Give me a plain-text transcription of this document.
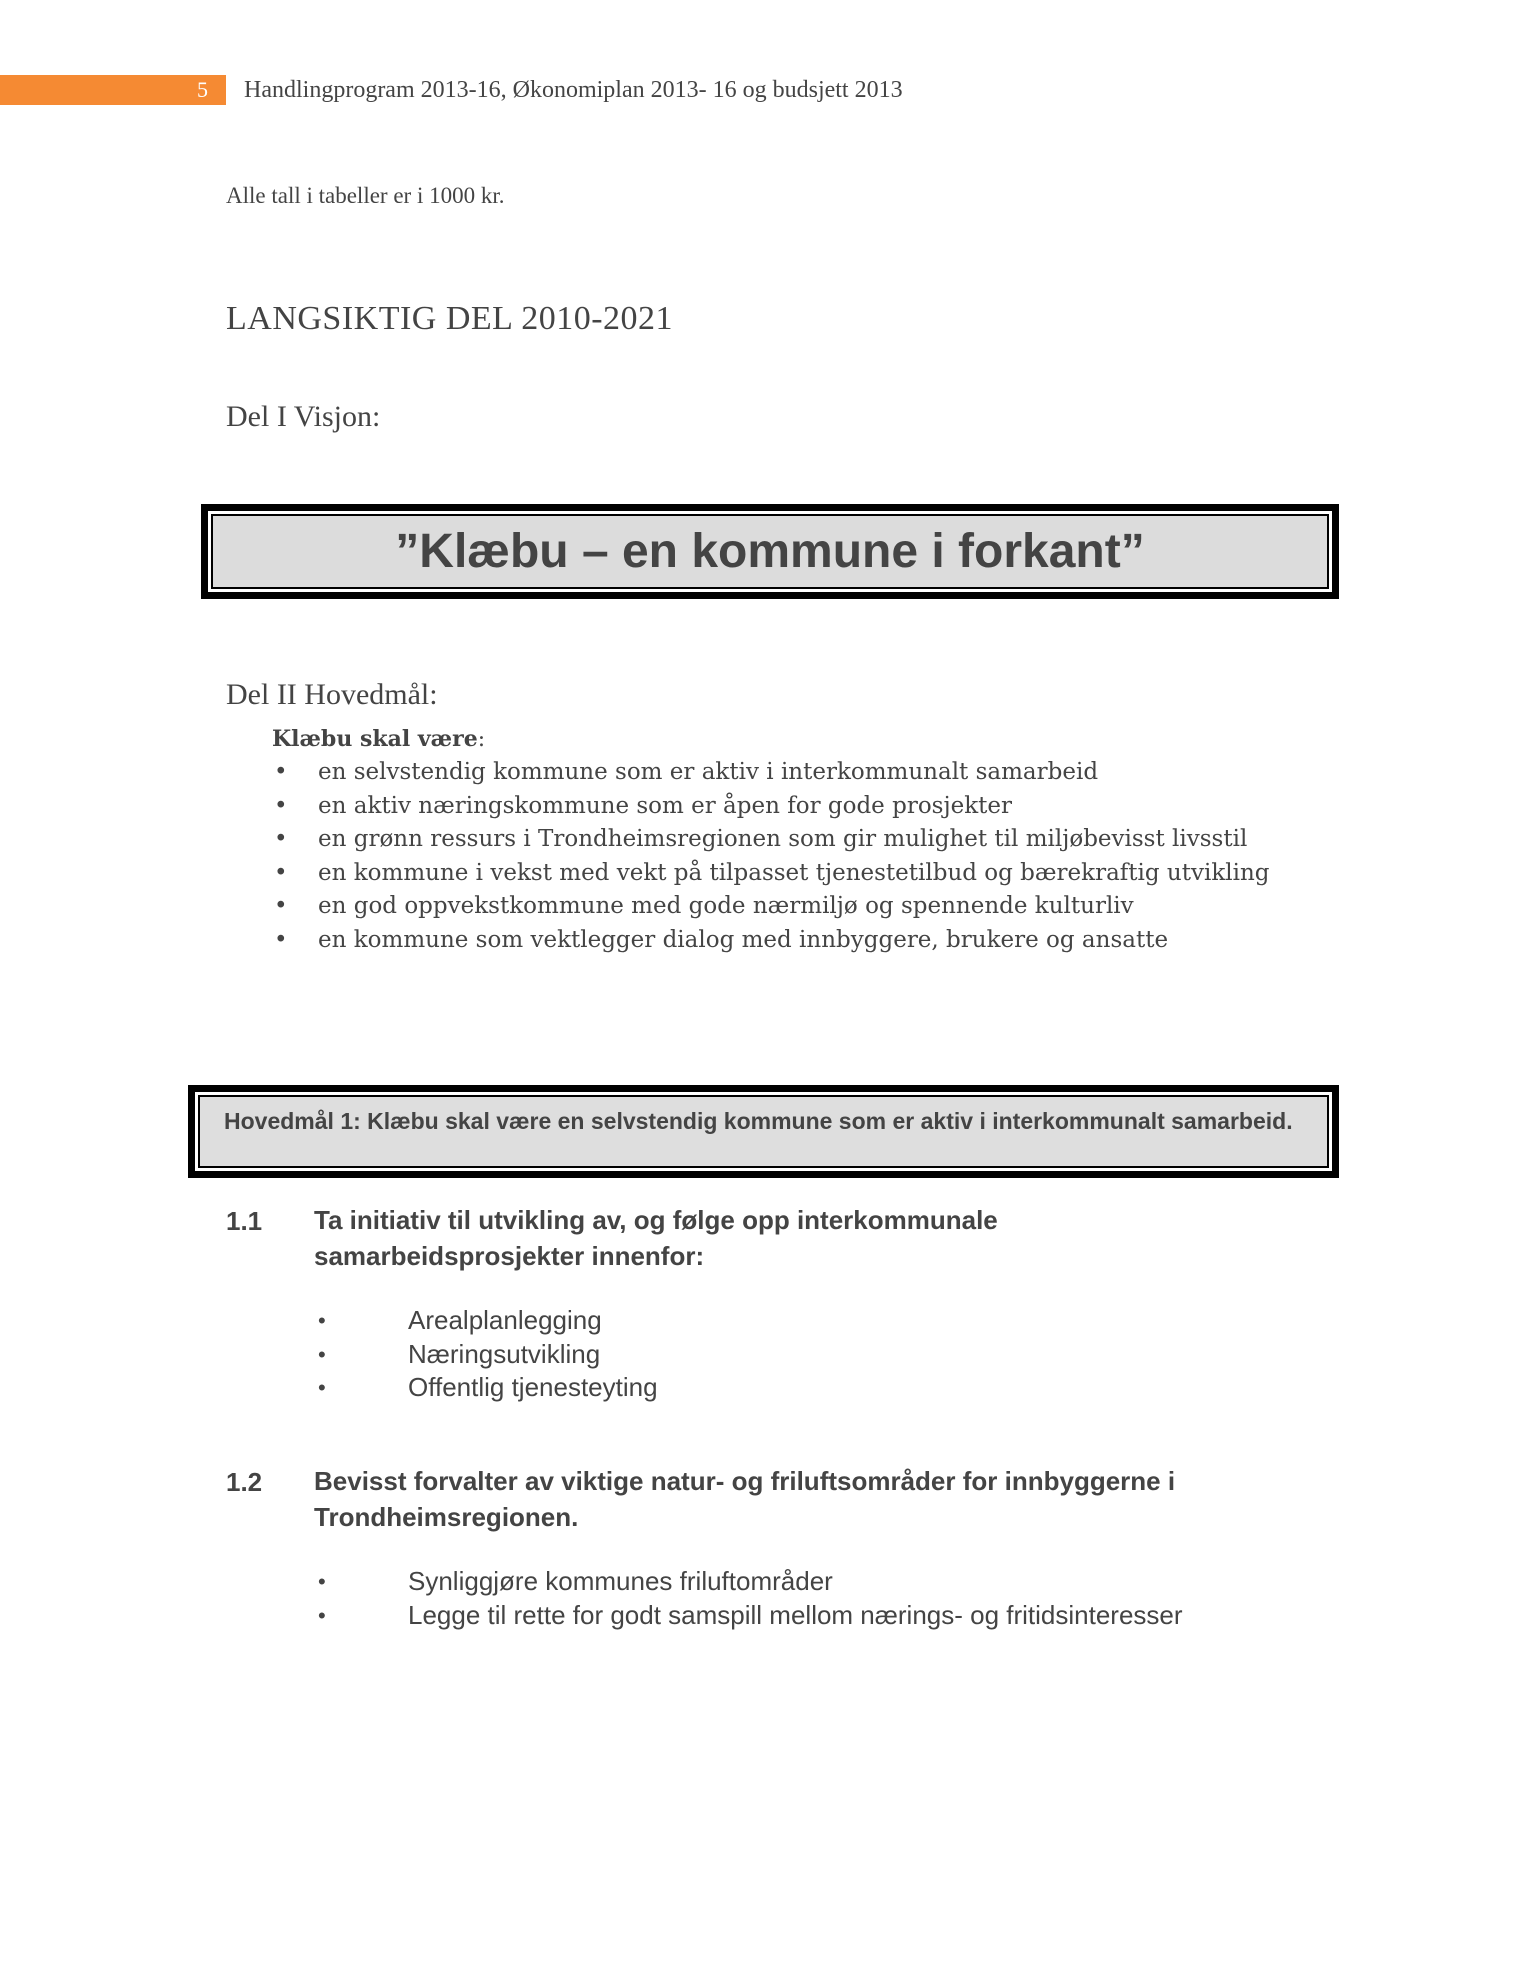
5	Handlingprogram 2013-16, Økonomiplan 2013- 16 og budsjett 2013
Alle tall i tabeller er i 1000 kr.
LANGSIKTIG DEL 2010-2021
Del I Visjon:
”Klæbu – en kommune i forkant”
Del II Hovedmål:
Klæbu skal være:
• en selvstendig kommune som er aktiv i interkommunalt samarbeid
• en aktiv næringskommune som er åpen for gode prosjekter
• en grønn ressurs i Trondheimsregionen som gir mulighet til miljøbevisst livsstil
• en kommune i vekst med vekt på tilpasset tjenestetilbud og bærekraftig utvikling
• en god oppvekstkommune med gode nærmiljø og spennende kulturliv
• en kommune som vektlegger dialog med innbyggere, brukere og ansatte
Hovedmål 1: Klæbu skal være en selvstendig kommune som er aktiv i interkommunalt samarbeid.
1.1 Ta initiativ til utvikling av, og følge opp interkommunale samarbeidsprosjekter innenfor:
•	Arealplanlegging
•	Næringsutvikling
•	Offentlig tjenesteyting
1.2 Bevisst forvalter av viktige natur- og friluftsområder for innbyggerne i Trondheimsregionen.
•	Synliggjøre kommunes friluftområder
•	Legge til rette for godt samspill mellom nærings- og fritidsinteresser
